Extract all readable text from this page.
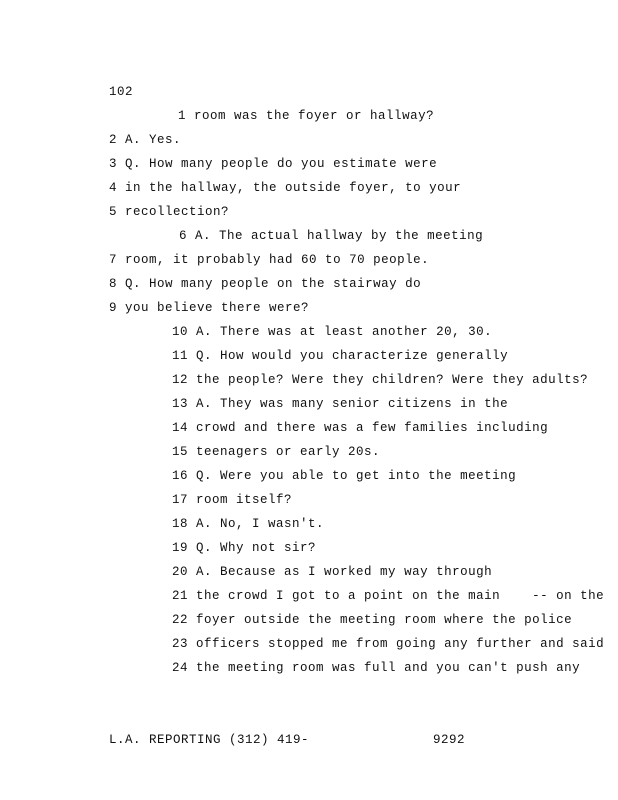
102
1 room was the foyer or hallway?
2 A. Yes.
3 Q. How many people do you estimate were
4 in the hallway, the outside foyer, to your
5 recollection?
6 A. The actual hallway by the meeting
7 room, it probably had 60 to 70 people.
8 Q. How many people on the stairway do
9 you believe there were?
10 A. There was at least another 20, 30.
11 Q. How would you characterize generally
12 the people? Were they children? Were they adults?
13 A. They was many senior citizens in the
14 crowd and there was a few families including
15 teenagers or early 20s.
16 Q. Were you able to get into the meeting
17 room itself?
18 A. No, I wasn't.
19 Q. Why not sir?
20 A. Because as I worked my way through
21 the crowd I got to a point on the main    -- on the
22 foyer outside the meeting room where the police
23 officers stopped me from going any further and said
24 the meeting room was full and you can't push any
L.A. REPORTING (312) 419-	9292
